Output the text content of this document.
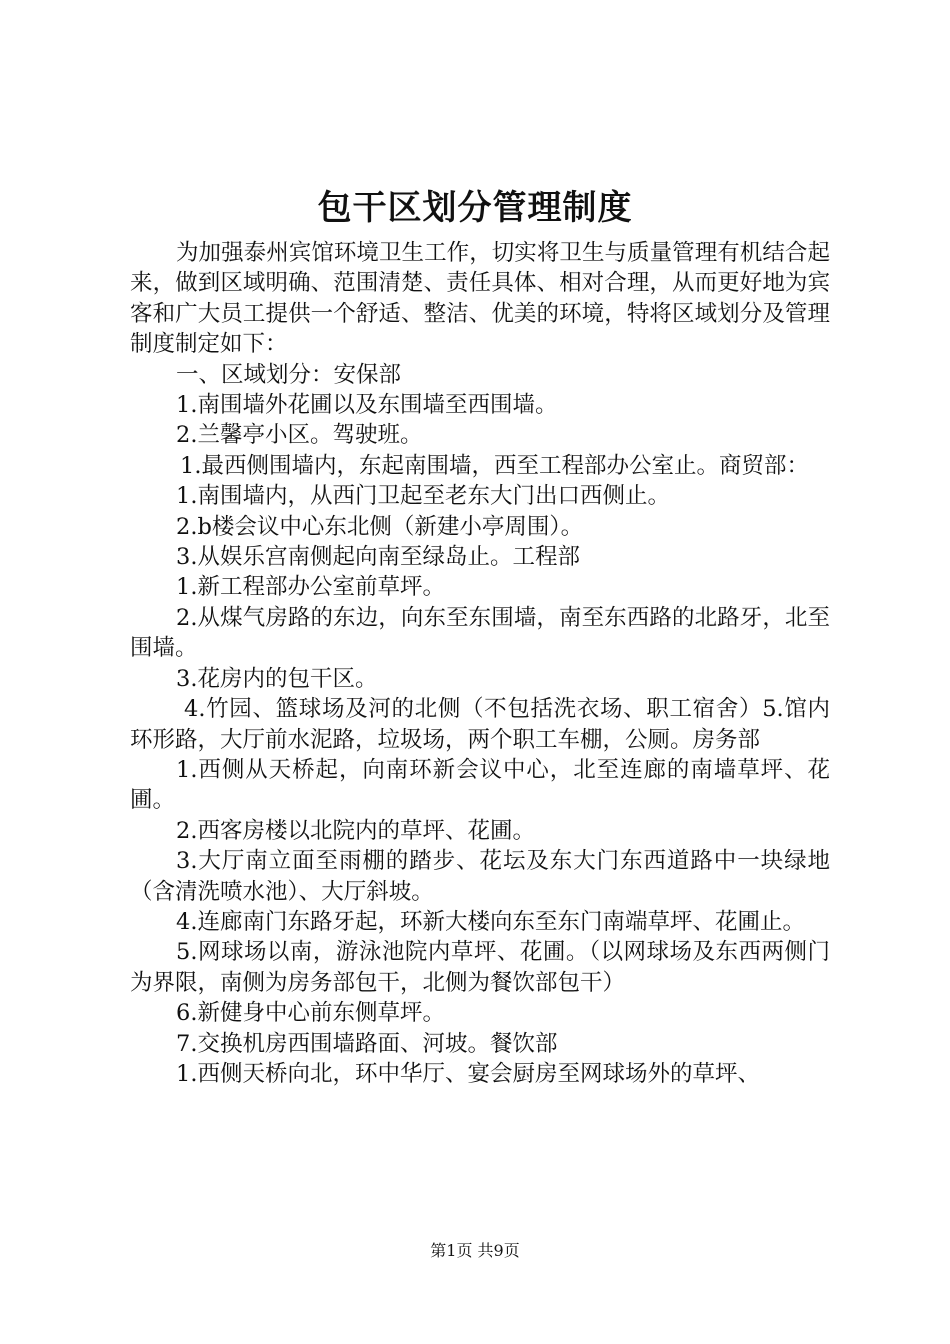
包干区划分管理制度

为加强泰州宾馆环境卫生工作，切实将卫生与质量管理有机结合起来，做到区域明确、范围清楚、责任具体、相对合理，从而更好地为宾客和广大员工提供一个舒适、整洁、优美的环境，特将区域划分及管理制度制定如下：

一、区域划分：安保部

1.南围墙外花圃以及东围墙至西围墙。

2.兰馨亭小区。驾驶班。

1.最西侧围墙内，东起南围墙，西至工程部办公室止。商贸部：

1.南围墙内，从西门卫起至老东大门出口西侧止。

2.b楼会议中心东北侧（新建小亭周围）。

3.从娱乐宫南侧起向南至绿岛止。工程部

1.新工程部办公室前草坪。

2.从煤气房路的东边，向东至东围墙，南至东西路的北路牙，北至围墙。

3.花房内的包干区。

4.竹园、篮球场及河的北侧（不包括洗衣场、职工宿舍）5.馆内环形路，大厅前水泥路，垃圾场，两个职工车棚，公厕。房务部

1.西侧从天桥起，向南环新会议中心，北至连廊的南墙草坪、花圃。

2.西客房楼以北院内的草坪、花圃。

3.大厅南立面至雨棚的踏步、花坛及东大门东西道路中一块绿地（含清洗喷水池）、大厅斜坡。

4.连廊南门东路牙起，环新大楼向东至东门南端草坪、花圃止。

5.网球场以南，游泳池院内草坪、花圃。（以网球场及东西两侧门为界限，南侧为房务部包干，北侧为餐饮部包干）

6.新健身中心前东侧草坪。

7.交换机房西围墙路面、河坡。餐饮部

1.西侧天桥向北，环中华厅、宴会厨房至网球场外的草坪、

第1页 共9页
